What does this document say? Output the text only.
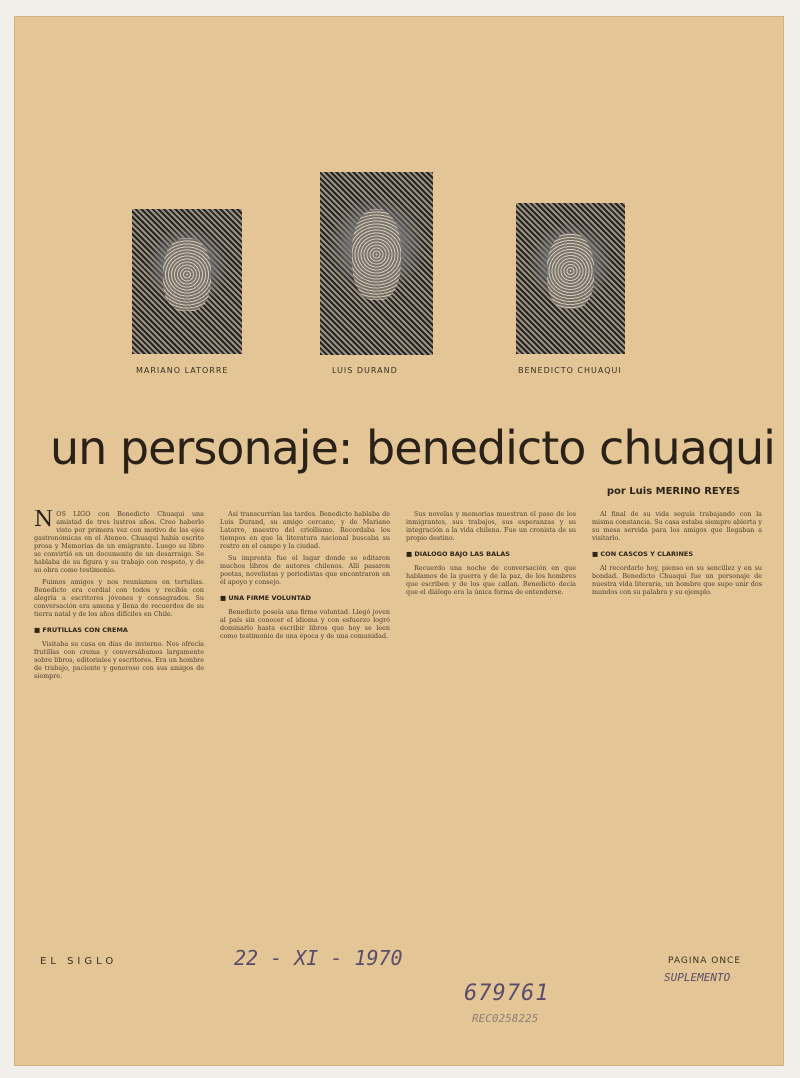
MARIANO LATORRE	LUIS DURAND	BENEDICTO CHUAQUI
un personaje: benedicto chuaqui
por Luis MERINO REYES
N OS LIGO con Benedicto Chuaqui una amistad de tres lustros años. Creo haberlo visto por primera vez con motivo de las ejes gastronómicas en el Ateneo. Chuaqui había escrito prosa y Memorias de un emigrante. Luego su libro se convirtió en un documento de un desarraigo. Se hablaba de su figura y su trabajo con respeto, y de su obra como testimonio.

Fuimos amigos y nos reuníamos en tertulias. Benedicto era cordial con todos y recibía con alegría a escritores jóvenes y consagrados. Su conversación era amena y llena de recuerdos de su tierra natal y de los años difíciles en Chile.

■ FRUTILLAS CON CREMA

Visitaba su casa en días de invierno. Nos ofrecía frutillas con crema y conversábamos largamente sobre libros, editoriales y escritores. Era un hombre de trabajo, paciente y generoso con sus amigos de siempre.

Así transcurrían las tardes. Benedicto hablaba de Luis Durand, su amigo cercano, y de Mariano Latorre, maestro del criollismo. Recordaba los tiempos en que la literatura nacional buscaba su rostro en el campo y la ciudad.

Su imprenta fue el lugar donde se editaron muchos libros de autores chilenos. Allí pasaron poetas, novelistas y periodistas que encontraron en él apoyo y consejo.

■ UNA FIRME VOLUNTAD

Benedicto poseía una firme voluntad. Llegó joven al país sin conocer el idioma y con esfuerzo logró dominarlo hasta escribir libros que hoy se leen como testimonio de una época y de una comunidad.

Sus novelas y memorias muestran el paso de los inmigrantes, sus trabajos, sus esperanzas y su integración a la vida chilena. Fue un cronista de su propio destino.

■ DIALOGO BAJO LAS BALAS

Recuerdo una noche de conversación en que hablamos de la guerra y de la paz, de los hombres que escriben y de los que callan. Benedicto decía que el diálogo era la única forma de entenderse.

Al final de su vida seguía trabajando con la misma constancia. Su casa estaba siempre abierta y su mesa servida para los amigos que llegaban a visitarlo.

■ CON CASCOS Y CLARINES

Al recordarlo hoy, pienso en su sencillez y en su bondad. Benedicto Chuaqui fue un personaje de nuestra vida literaria, un hombre que supo unir dos mundos con su palabra y su ejemplo.

EL SIGLO	PAGINA ONCE
SUPLEMENTO
22 - XI - 1970
679761
REC0258225
